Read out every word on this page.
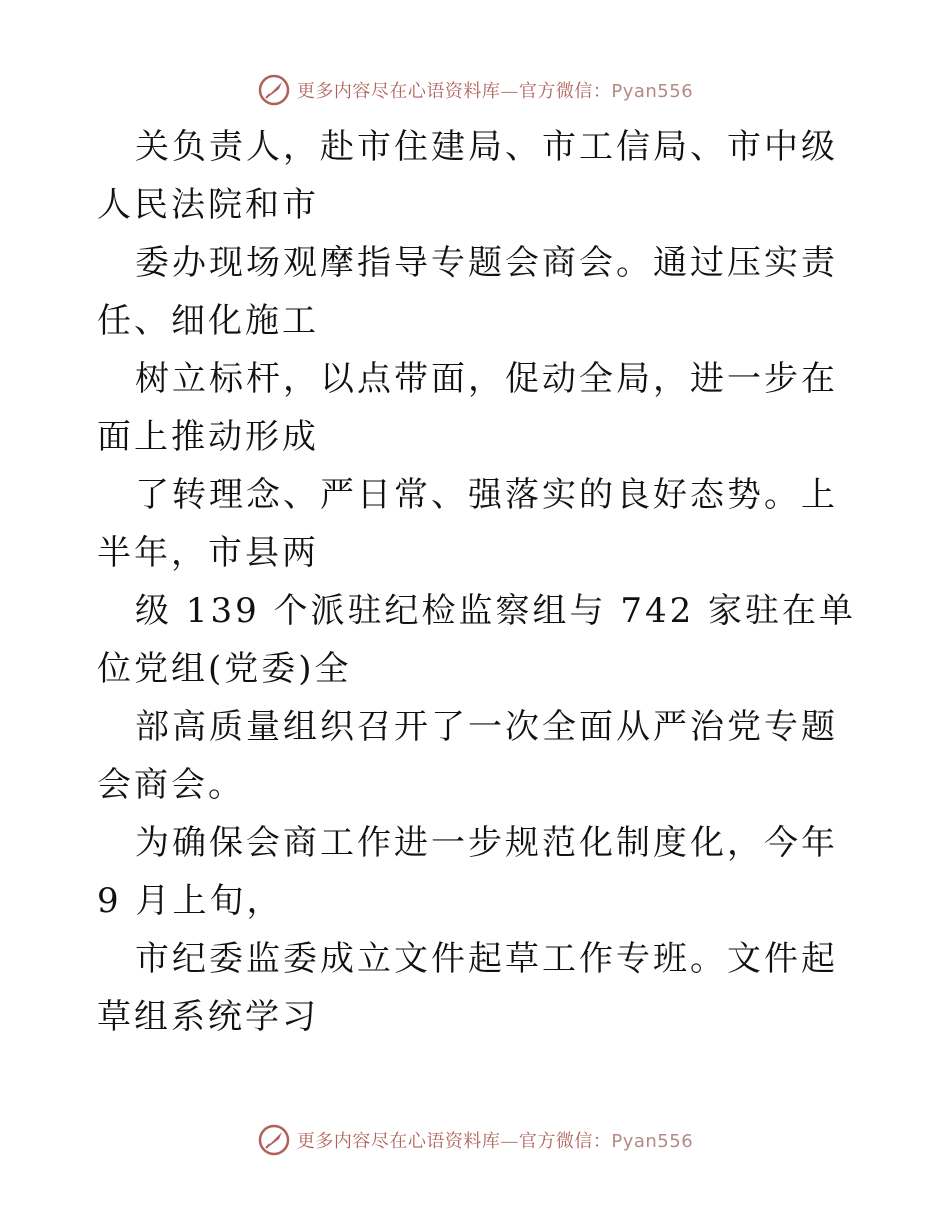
更多内容尽在心语资料库—官方微信：Pyan556

关负责人，赴市住建局、市工信局、市中级人民法院和市

委办现场观摩指导专题会商会。通过压实责任、细化施工

树立标杆，以点带面，促动全局，进一步在面上推动形成

了转理念、严日常、强落实的良好态势。上半年，市县两

级 139 个派驻纪检监察组与 742 家驻在单位党组(党委)全

部高质量组织召开了一次全面从严治党专题会商会。

为确保会商工作进一步规范化制度化，今年 9 月上旬，

市纪委监委成立文件起草工作专班。文件起草组系统学习

更多内容尽在心语资料库—官方微信：Pyan556
